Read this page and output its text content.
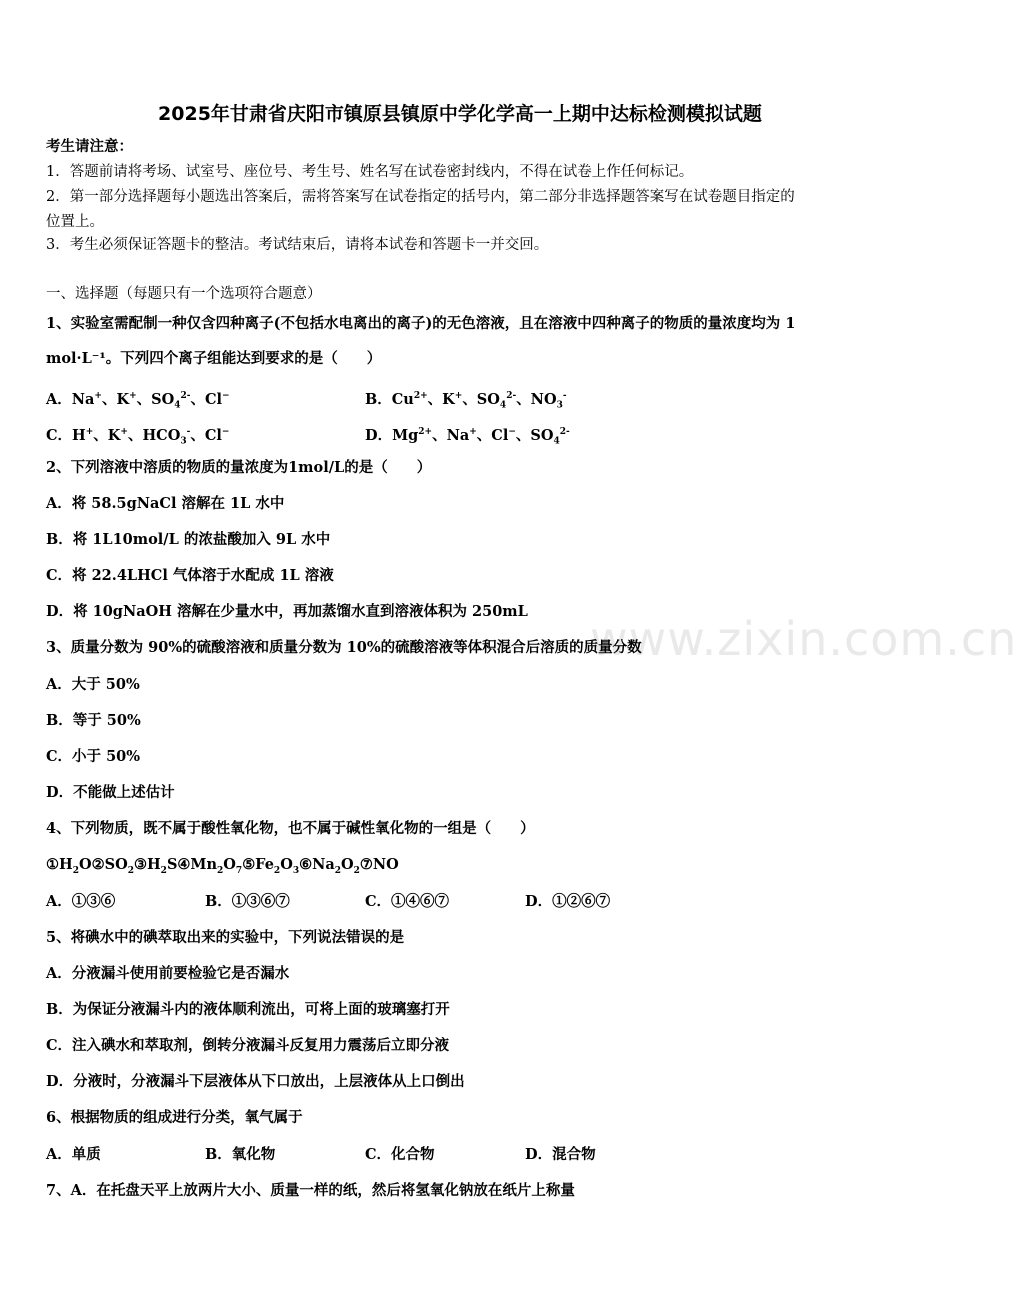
www.zixin.com.cn
2025年甘肃省庆阳市镇原县镇原中学化学高一上期中达标检测模拟试题
考生请注意：
1．答题前请将考场、试室号、座位号、考生号、姓名写在试卷密封线内，不得在试卷上作任何标记。
2．第一部分选择题每小题选出答案后，需将答案写在试卷指定的括号内，第二部分非选择题答案写在试卷题目指定的
位置上。
3．考生必须保证答题卡的整洁。考试结束后，请将本试卷和答题卡一并交回。
一、选择题（每题只有一个选项符合题意）
1、实验室需配制一种仅含四种离子(不包括水电离出的离子)的无色溶液，且在溶液中四种离子的物质的量浓度均为 1
mol·L⁻¹。下列四个离子组能达到要求的是（　　）
A．Na+、K+、$SO_4^{2-}$、Cl−	B．$Cu^{2+}$、K+、$SO_4^{2-}$、$NO_3^-$
C．H+、K+、$HCO_3^-$、Cl−	D．$Mg^{2+}$、Na+、Cl−、$SO_4^{2-}$
2、下列溶液中溶质的物质的量浓度为1mol/L的是（　　）
A．将 58.5gNaCl 溶解在 1L 水中
B．将 1L10mol/L 的浓盐酸加入 9L 水中
C．将 22.4LHCl 气体溶于水配成 1L 溶液
D．将 10gNaOH 溶解在少量水中，再加蒸馏水直到溶液体积为 250mL
3、质量分数为 90%的硫酸溶液和质量分数为 10%的硫酸溶液等体积混合后溶质的质量分数
A．大于 50%
B．等于 50%
C．小于 50%
D．不能做上述估计
4、下列物质，既不属于酸性氧化物，也不属于碱性氧化物的一组是（　　）
$①H_2O②SO_2③H_2S④Mn_2O_7⑤Fe_2O_3⑥Na_2O_2⑦NO$
A．①③⑥	B．①③⑥⑦	C．①④⑥⑦	D．①②⑥⑦
5、将碘水中的碘萃取出来的实验中，下列说法错误的是
A．分液漏斗使用前要检验它是否漏水
B．为保证分液漏斗内的液体顺利流出，可将上面的玻璃塞打开
C．注入碘水和萃取剂，倒转分液漏斗反复用力震荡后立即分液
D．分液时，分液漏斗下层液体从下口放出，上层液体从上口倒出
6、根据物质的组成进行分类，氧气属于
A．单质	B．氧化物	C．化合物	D．混合物
7、A．在托盘天平上放两片大小、质量一样的纸，然后将氢氧化钠放在纸片上称量
